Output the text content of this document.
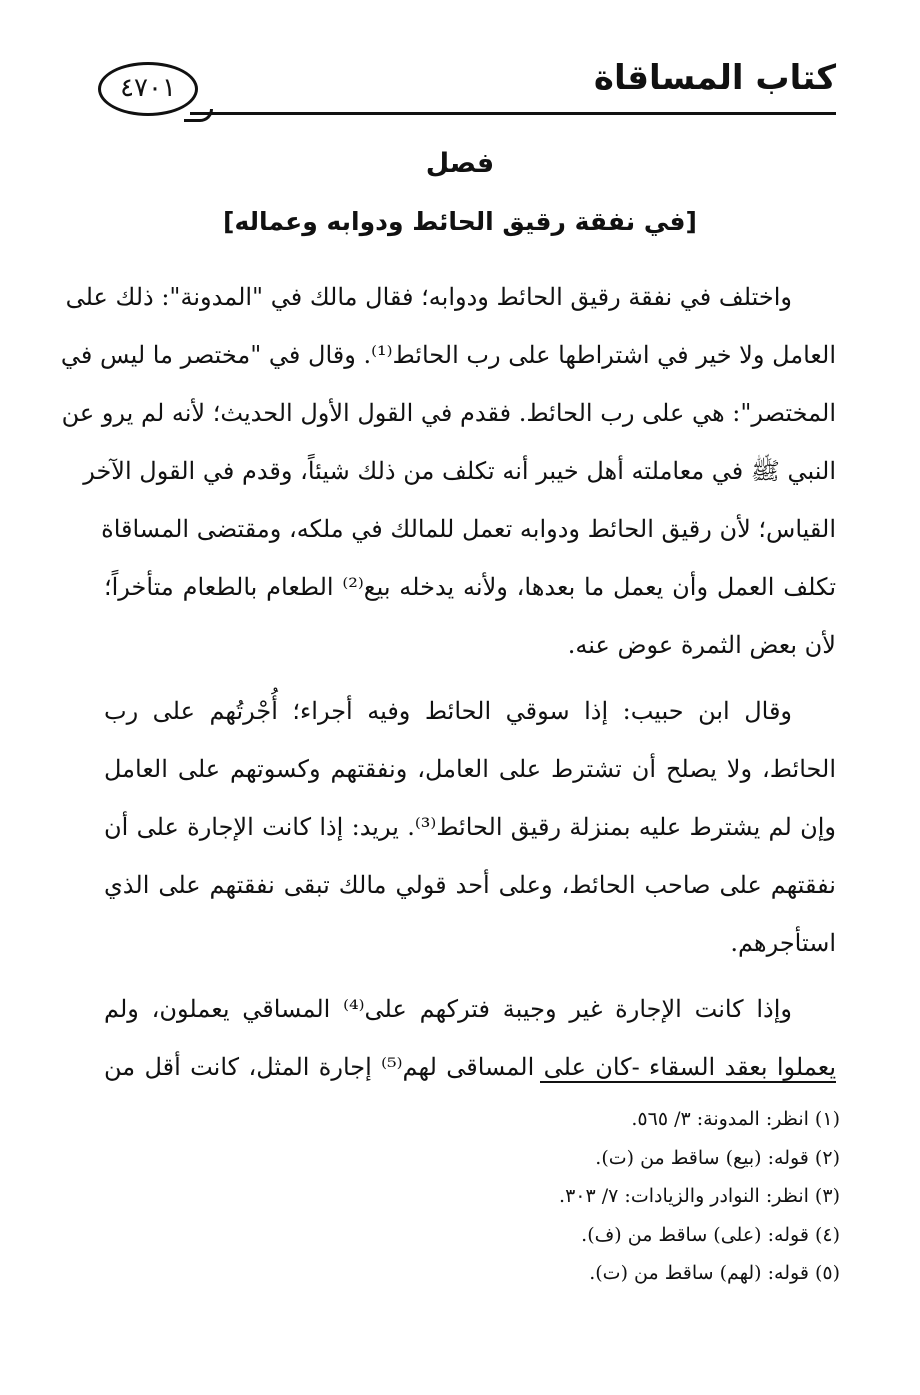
كتاب المساقاة
٤٧٠١
فصل
[في نفقة رقيق الحائط ودوابه وعماله]

واختلف في نفقة رقيق الحائط ودوابه؛ فقال مالك في "المدونة": ذلك على
العامل ولا خير في اشتراطها على رب الحائط⁽¹⁾. وقال في "مختصر ما ليس في
المختصر": هي على رب الحائط. فقدم في القول الأول الحديث؛ لأنه لم يرو عن
النبي ﷺ في معاملته أهل خيبر أنه تكلف من ذلك شيئاً، وقدم في القول الآخر
القياس؛ لأن رقيق الحائط ودوابه تعمل للمالك في ملكه، ومقتضى المساقاة
تكلف العمل وأن يعمل ما بعدها، ولأنه يدخله بيع⁽²⁾ الطعام بالطعام متأخراً؛
لأن بعض الثمرة عوض عنه.

وقال ابن حبيب: إذا سوقي الحائط وفيه أجراء؛ أُجْرتُهم على رب
الحائط، ولا يصلح أن تشترط على العامل، ونفقتهم وكسوتهم على العامل
وإن لم يشترط عليه بمنزلة رقيق الحائط⁽³⁾. يريد: إذا كانت الإجارة على أن
نفقتهم على صاحب الحائط، وعلى أحد قولي مالك تبقى نفقتهم على الذي
استأجرهم.

وإذا كانت الإجارة غير وجيبة فتركهم على⁽⁴⁾ المساقي يعملون، ولم
يعملوا بعقد السقاء -كان على المساقى لهم⁽⁵⁾ إجارة المثل، كانت أقل من

(١) انظر: المدونة: ٣/ ٥٦٥.
(٢) قوله: (بيع) ساقط من (ت).
(٣) انظر: النوادر والزيادات: ٧/ ٣٠٣.
(٤) قوله: (على) ساقط من (ف).
(٥) قوله: (لهم) ساقط من (ت).
